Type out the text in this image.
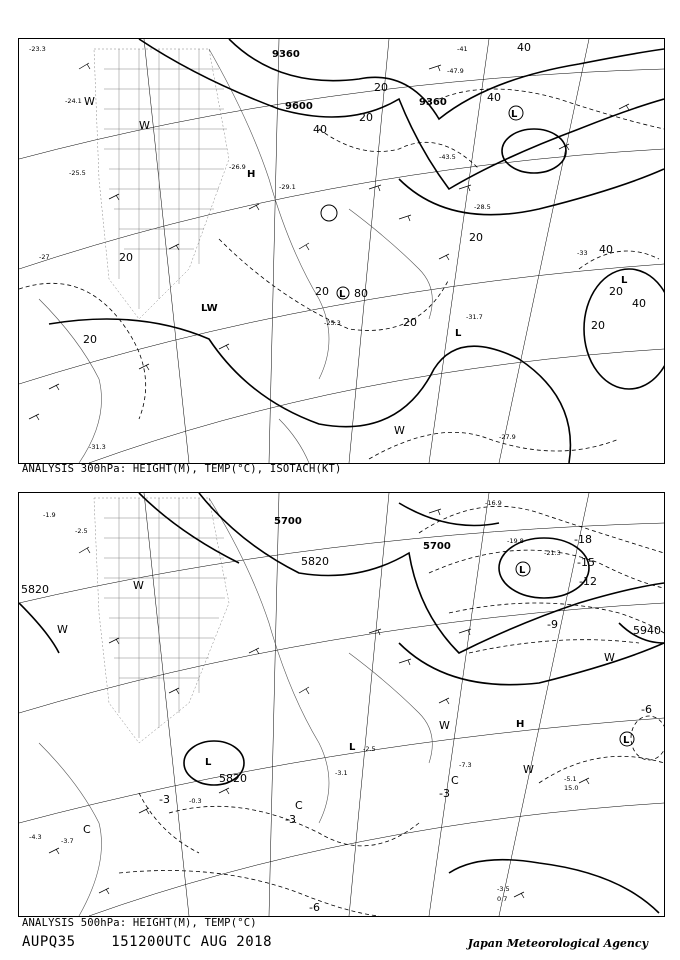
9360
9600	9360
40
40
20
20
20
20
40
20
20
20
80	20
40
20
40
H
L
L
LW
L
L
W
W
W
-23.3
-24.1
-25.5
-26.9
-27
-29.1
-31.3
-43.5
-47.9
-41
-33
-25.3
-28.5
-31.7
-27.9
ANALYSIS 300hPa: HEIGHT(M), TEMP(°C), ISOTACH(KT)
5820
5820
5700
5940
5820
5700
-18
-15
-12
-9
-6
-3
-3	-3
-6
H
L
L
L
L
C
C
C
W
W
W
W
W
-1.9
-2.5
-4.3	-3.7
-5.1
-7.3
-16.9
-19.8
-21.3
-3.5
-3.1
-2.5
-0.3
0.7
15.0
ANALYSIS 500hPa: HEIGHT(M), TEMP(°C)
AUPQ35	151200UTC AUG 2018	Japan Meteorological Agency
